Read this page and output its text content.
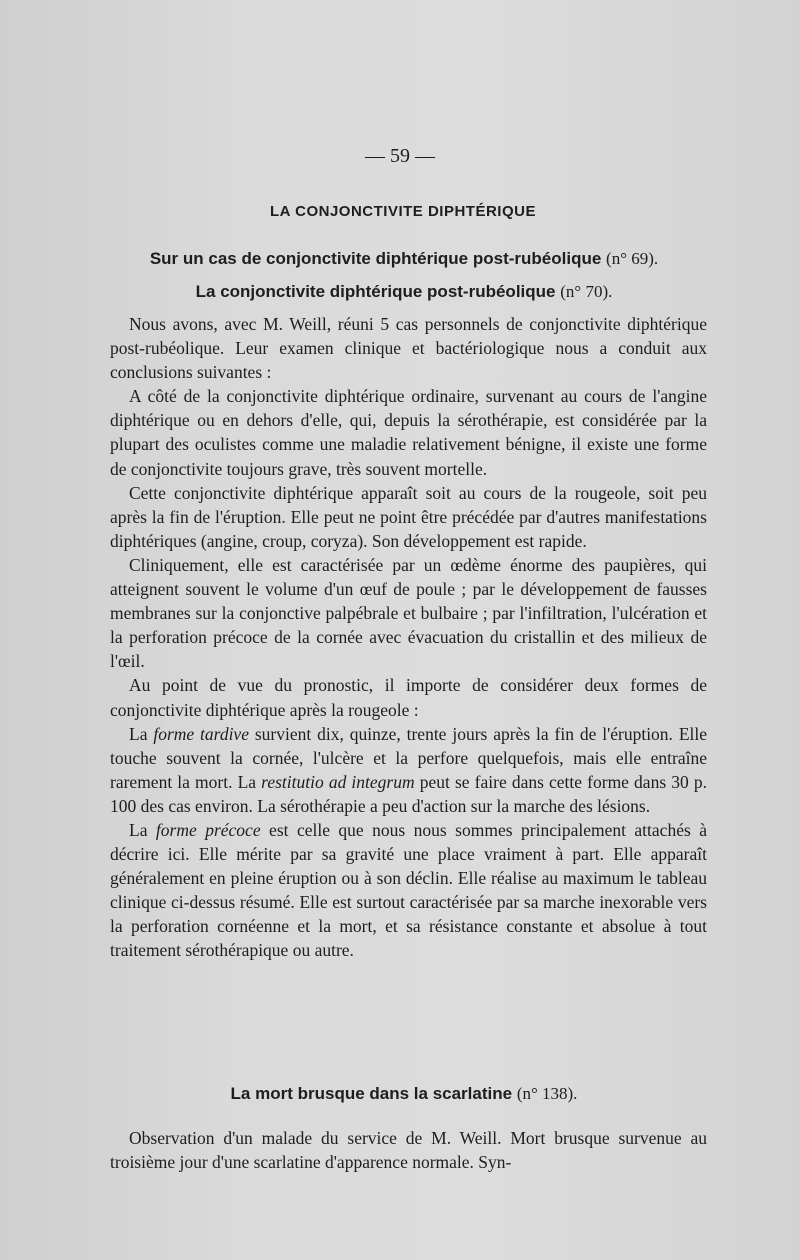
— 59 —
LA CONJONCTIVITE DIPHTÉRIQUE
Sur un cas de conjonctivite diphtérique post-rubéolique (n° 69).
La conjonctivite diphtérique post-rubéolique (n° 70).

Nous avons, avec M. Weill, réuni 5 cas personnels de conjonctivite diphtérique post-rubéolique. Leur examen clinique et bactériologique nous a conduit aux conclusions suivantes :

A côté de la conjonctivite diphtérique ordinaire, survenant au cours de l'angine diphtérique ou en dehors d'elle, qui, depuis la sérothérapie, est considérée par la plupart des oculistes comme une maladie relativement bénigne, il existe une forme de conjonctivite toujours grave, très souvent mortelle.

Cette conjonctivite diphtérique apparaît soit au cours de la rougeole, soit peu après la fin de l'éruption. Elle peut ne point être précédée par d'autres manifestations diphtériques (angine, croup, coryza). Son développement est rapide.

Cliniquement, elle est caractérisée par un œdème énorme des paupières, qui atteignent souvent le volume d'un œuf de poule ; par le développement de fausses membranes sur la conjonctive palpébrale et bulbaire ; par l'infiltration, l'ulcération et la perforation précoce de la cornée avec évacuation du cristallin et des milieux de l'œil.

Au point de vue du pronostic, il importe de considérer deux formes de conjonctivite diphtérique après la rougeole :

La forme tardive survient dix, quinze, trente jours après la fin de l'éruption. Elle touche souvent la cornée, l'ulcère et la perfore quelquefois, mais elle entraîne rarement la mort. La restitutio ad integrum peut se faire dans cette forme dans 30 p. 100 des cas environ. La sérothérapie a peu d'action sur la marche des lésions.

La forme précoce est celle que nous nous sommes principalement attachés à décrire ici. Elle mérite par sa gravité une place vraiment à part. Elle apparaît généralement en pleine éruption ou à son déclin. Elle réalise au maximum le tableau clinique ci-dessus résumé. Elle est surtout caractérisée par sa marche inexorable vers la perforation cornéenne et la mort, et sa résistance constante et absolue à tout traitement sérothérapique ou autre.

La mort brusque dans la scarlatine (n° 138).

Observation d'un malade du service de M. Weill. Mort brusque survenue au troisième jour d'une scarlatine d'apparence normale. Syn-
